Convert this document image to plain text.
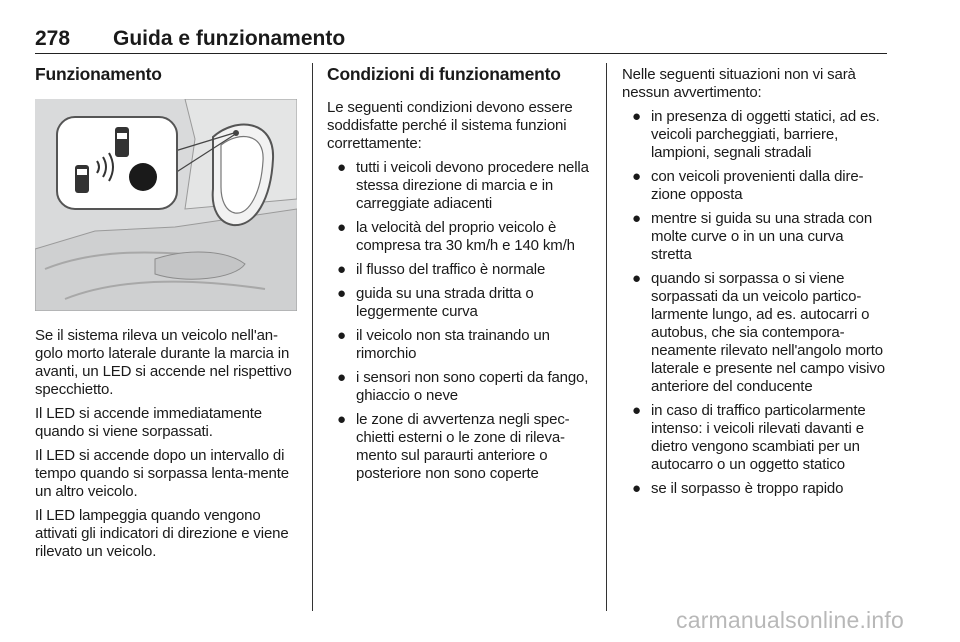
278 Guida e funzionamento
Funzionamento

Se il sistema rileva un veicolo nell'an-golo morto laterale durante la marcia in avanti, un LED si accende nel rispettivo specchietto.

Il LED si accende immediatamente quando si viene sorpassati.

Il LED si accende dopo un intervallo di tempo quando si sorpassa lenta-mente un altro veicolo.

Il LED lampeggia quando vengono attivati gli indicatori di direzione e viene rilevato un veicolo.

Condizioni di funzionamento

Le seguenti condizioni devono essere soddisfatte perché il sistema funzioni correttamente:

● tutti i veicoli devono procedere nella stessa direzione di marcia e in carreggiate adiacenti
● la velocità del proprio veicolo è compresa tra 30 km/h e 140 km/h
● il flusso del traffico è normale
● guida su una strada dritta o leggermente curva
● il veicolo non sta trainando un rimorchio
● i sensori non sono coperti da fango, ghiaccio o neve
● le zone di avvertenza negli spec-chietti esterni o le zone di rileva-mento sul paraurti anteriore o posteriore non sono coperte

Nelle seguenti situazioni non vi sarà nessun avvertimento:

● in presenza di oggetti statici, ad es. veicoli parcheggiati, barriere, lampioni, segnali stradali
● con veicoli provenienti dalla dire-zione opposta
● mentre si guida su una strada con molte curve o in un una curva stretta
● quando si sorpassa o si viene sorpassati da un veicolo partico-larmente lungo, ad es. autocarri o autobus, che sia contempora-neamente rilevato nell'angolo morto laterale e presente nel campo visivo anteriore del conducente
● in caso di traffico particolarmente intenso: i veicoli rilevati davanti e dietro vengono scambiati per un autocarro o un oggetto statico
● se il sorpasso è troppo rapido
carmanualsonline.info
